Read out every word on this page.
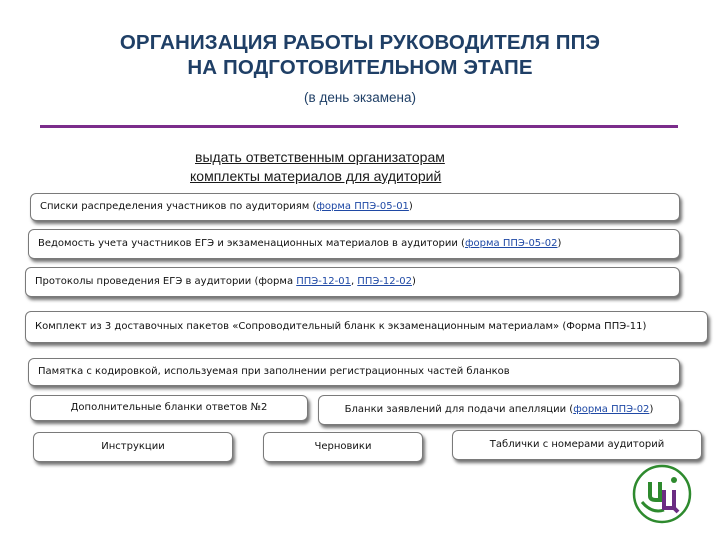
ОРГАНИЗАЦИЯ РАБОТЫ РУКОВОДИТЕЛЯ ППЭ
НА ПОДГОТОВИТЕЛЬНОМ ЭТАПЕ
(в день экзамена)
выдать ответственным организаторам
комплекты материалов для аудиторий
Списки распределения участников по аудиториям (форма ППЭ-05-01)
Ведомость учета участников ЕГЭ и экзаменационных материалов в аудитории (форма ППЭ-05-02)
Протоколы проведения ЕГЭ в аудитории (форма ППЭ-12-01, ППЭ-12-02)
Комплект из 3 доставочных пакетов «Сопроводительный бланк к экзаменационным материалам» (Форма ППЭ-11)
Памятка с кодировкой, используемая при заполнении регистрационных частей бланков
Дополнительные бланки ответов №2	Бланки заявлений для подачи апелляции (форма ППЭ-02)
Инструкции	Черновики	Таблички с номерами аудиторий
